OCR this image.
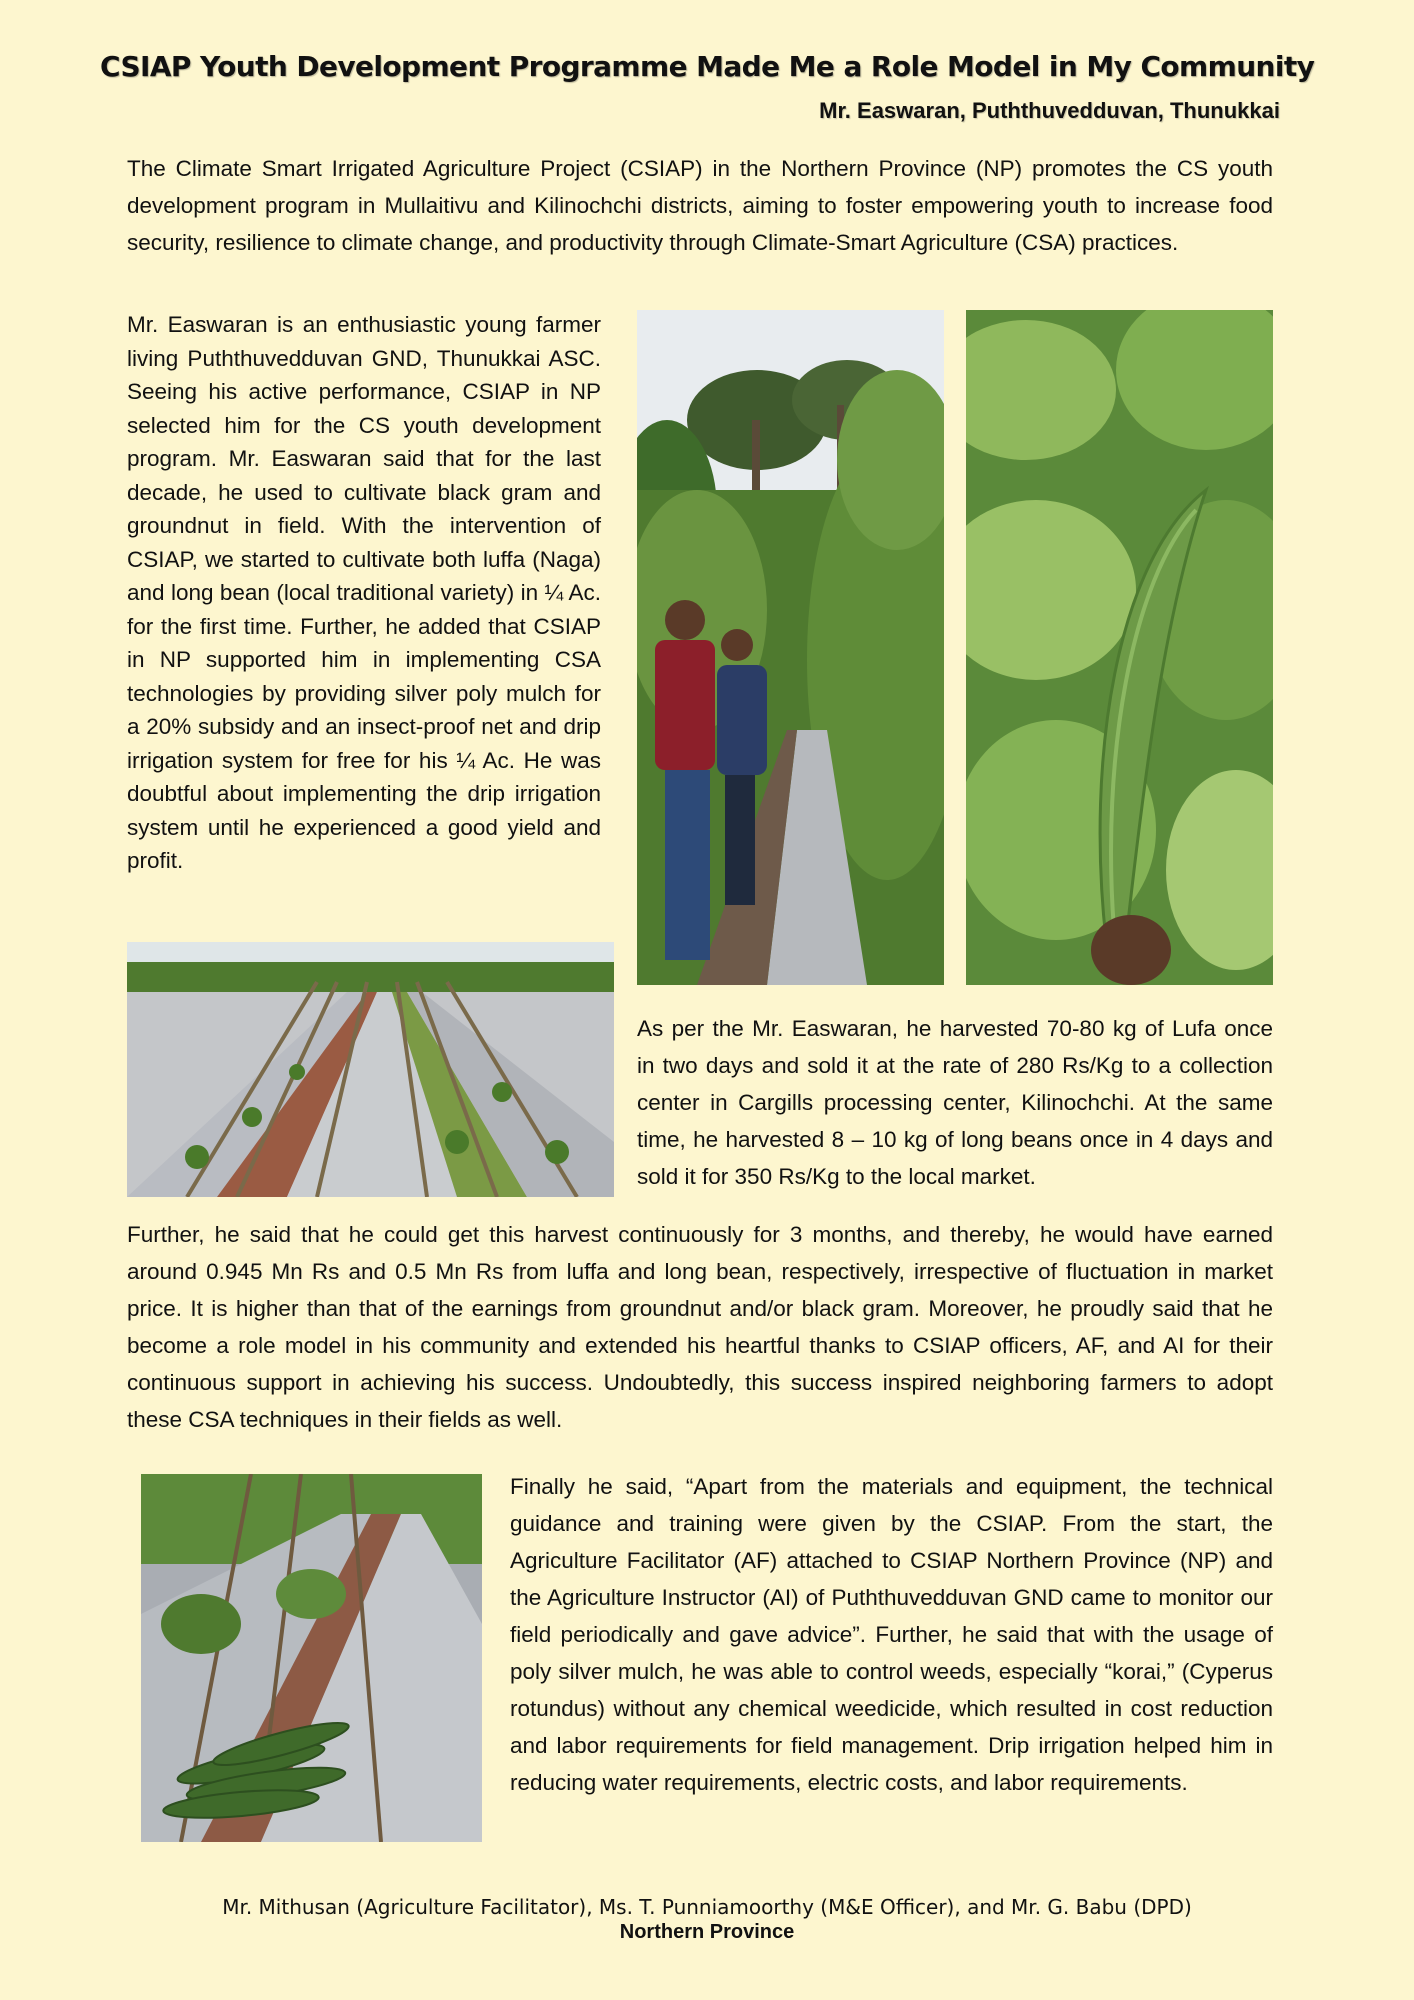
CSIAP Youth Development Programme Made Me a Role Model in My Community

Mr. Easwaran, Puththuvedduvan, Thunukkai

The Climate Smart Irrigated Agriculture Project (CSIAP) in the Northern Province (NP) promotes the CS youth development program in Mullaitivu and Kilinochchi districts, aiming to foster empowering youth to increase food security, resilience to climate change, and productivity through Climate-Smart Agriculture (CSA) practices.

Mr. Easwaran is an enthusiastic young farmer living Puththuvedduvan GND, Thunukkai ASC. Seeing his active performance, CSIAP in NP selected him for the CS youth development program. Mr. Easwaran said that for the last decade, he used to cultivate black gram and groundnut in field. With the intervention of CSIAP, we started to cultivate both luffa (Naga) and long bean (local traditional variety) in ¼ Ac. for the first time. Further, he added that CSIAP in NP supported him in implementing CSA technologies by providing silver poly mulch for a 20% subsidy and an insect-proof net and drip irrigation system for free for his ¼ Ac. He was doubtful about implementing the drip irrigation system until he experienced a good yield and profit.

As per the Mr. Easwaran, he harvested 70-80 kg of Lufa once in two days and sold it at the rate of 280 Rs/Kg to a collection center in Cargills processing center, Kilinochchi. At the same time, he harvested 8 – 10 kg of long beans once in 4 days and sold it for 350 Rs/Kg to the local market.

Further, he said that he could get this harvest continuously for 3 months, and thereby, he would have earned around 0.945 Mn Rs and 0.5 Mn Rs from luffa and long bean, respectively, irrespective of fluctuation in market price. It is higher than that of the earnings from groundnut and/or black gram. Moreover, he proudly said that he become a role model in his community and extended his heartful thanks to CSIAP officers, AF, and AI for their continuous support in achieving his success. Undoubtedly, this success inspired neighboring farmers to adopt these CSA techniques in their fields as well.

Finally he said, “Apart from the materials and equipment, the technical guidance and training were given by the CSIAP. From the start, the Agriculture Facilitator (AF) attached to CSIAP Northern Province (NP) and the Agriculture Instructor (AI) of Puththuvedduvan GND came to monitor our field periodically and gave advice”. Further, he said that with the usage of poly silver mulch, he was able to control weeds, especially “korai,” (Cyperus rotundus) without any chemical weedicide, which resulted in cost reduction and labor requirements for field management. Drip irrigation helped him in reducing water requirements, electric costs, and labor requirements.

Mr. Mithusan (Agriculture Facilitator), Ms. T. Punniamoorthy (M&E Officer), and Mr. G. Babu (DPD)
Northern Province
